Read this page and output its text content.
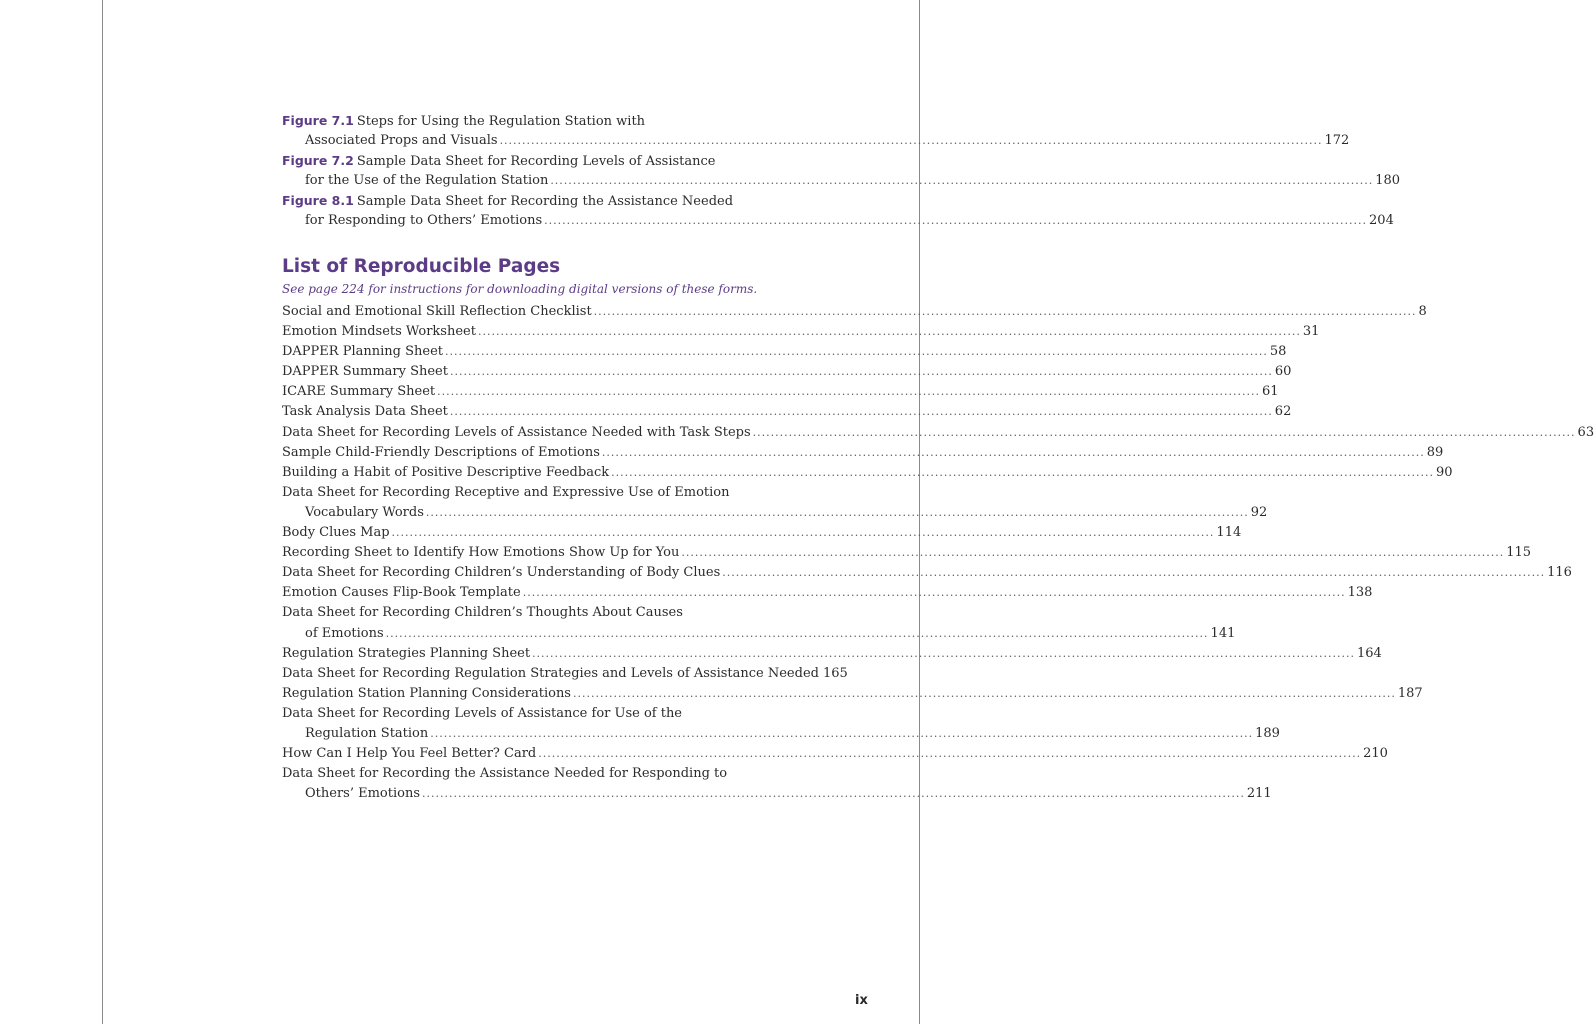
Figure 7.1 Steps for Using the Regulation Station with
Associated Props and Visuals .....	172
Figure 7.2 Sample Data Sheet for Recording Levels of Assistance
for the Use of the Regulation Station .....	180
Figure 8.1 Sample Data Sheet for Recording the Assistance Needed
for Responding to Others’ Emotions .....	204
List of Reproducible Pages

See page 224 for instructions for downloading digital versions of these forms.

Social and Emotional Skill Reflection Checklist .....	8
Emotion Mindsets Worksheet .....	31
DAPPER Planning Sheet .....	58
DAPPER Summary Sheet .....	60
ICARE Summary Sheet .....	61
Task Analysis Data Sheet .....	62
Data Sheet for Recording Levels of Assistance Needed with Task Steps .....	63
Sample Child-Friendly Descriptions of Emotions .....	89
Building a Habit of Positive Descriptive Feedback .....	90
Data Sheet for Recording Receptive and Expressive Use of Emotion
Vocabulary Words .....	92
Body Clues Map .....	114
Recording Sheet to Identify How Emotions Show Up for You .....	115
Data Sheet for Recording Children’s Understanding of Body Clues .....	116
Emotion Causes Flip-Book Template .....	138
Data Sheet for Recording Children’s Thoughts About Causes
of Emotions .....	141
Regulation Strategies Planning Sheet .....	164
Data Sheet for Recording Regulation Strategies and Levels of Assistance Needed 165
Regulation Station Planning Considerations .....	187
Data Sheet for Recording Levels of Assistance for Use of the
Regulation Station .....	189
How Can I Help You Feel Better? Card .....	210
Data Sheet for Recording the Assistance Needed for Responding to
Others’ Emotions .....	211
ix
